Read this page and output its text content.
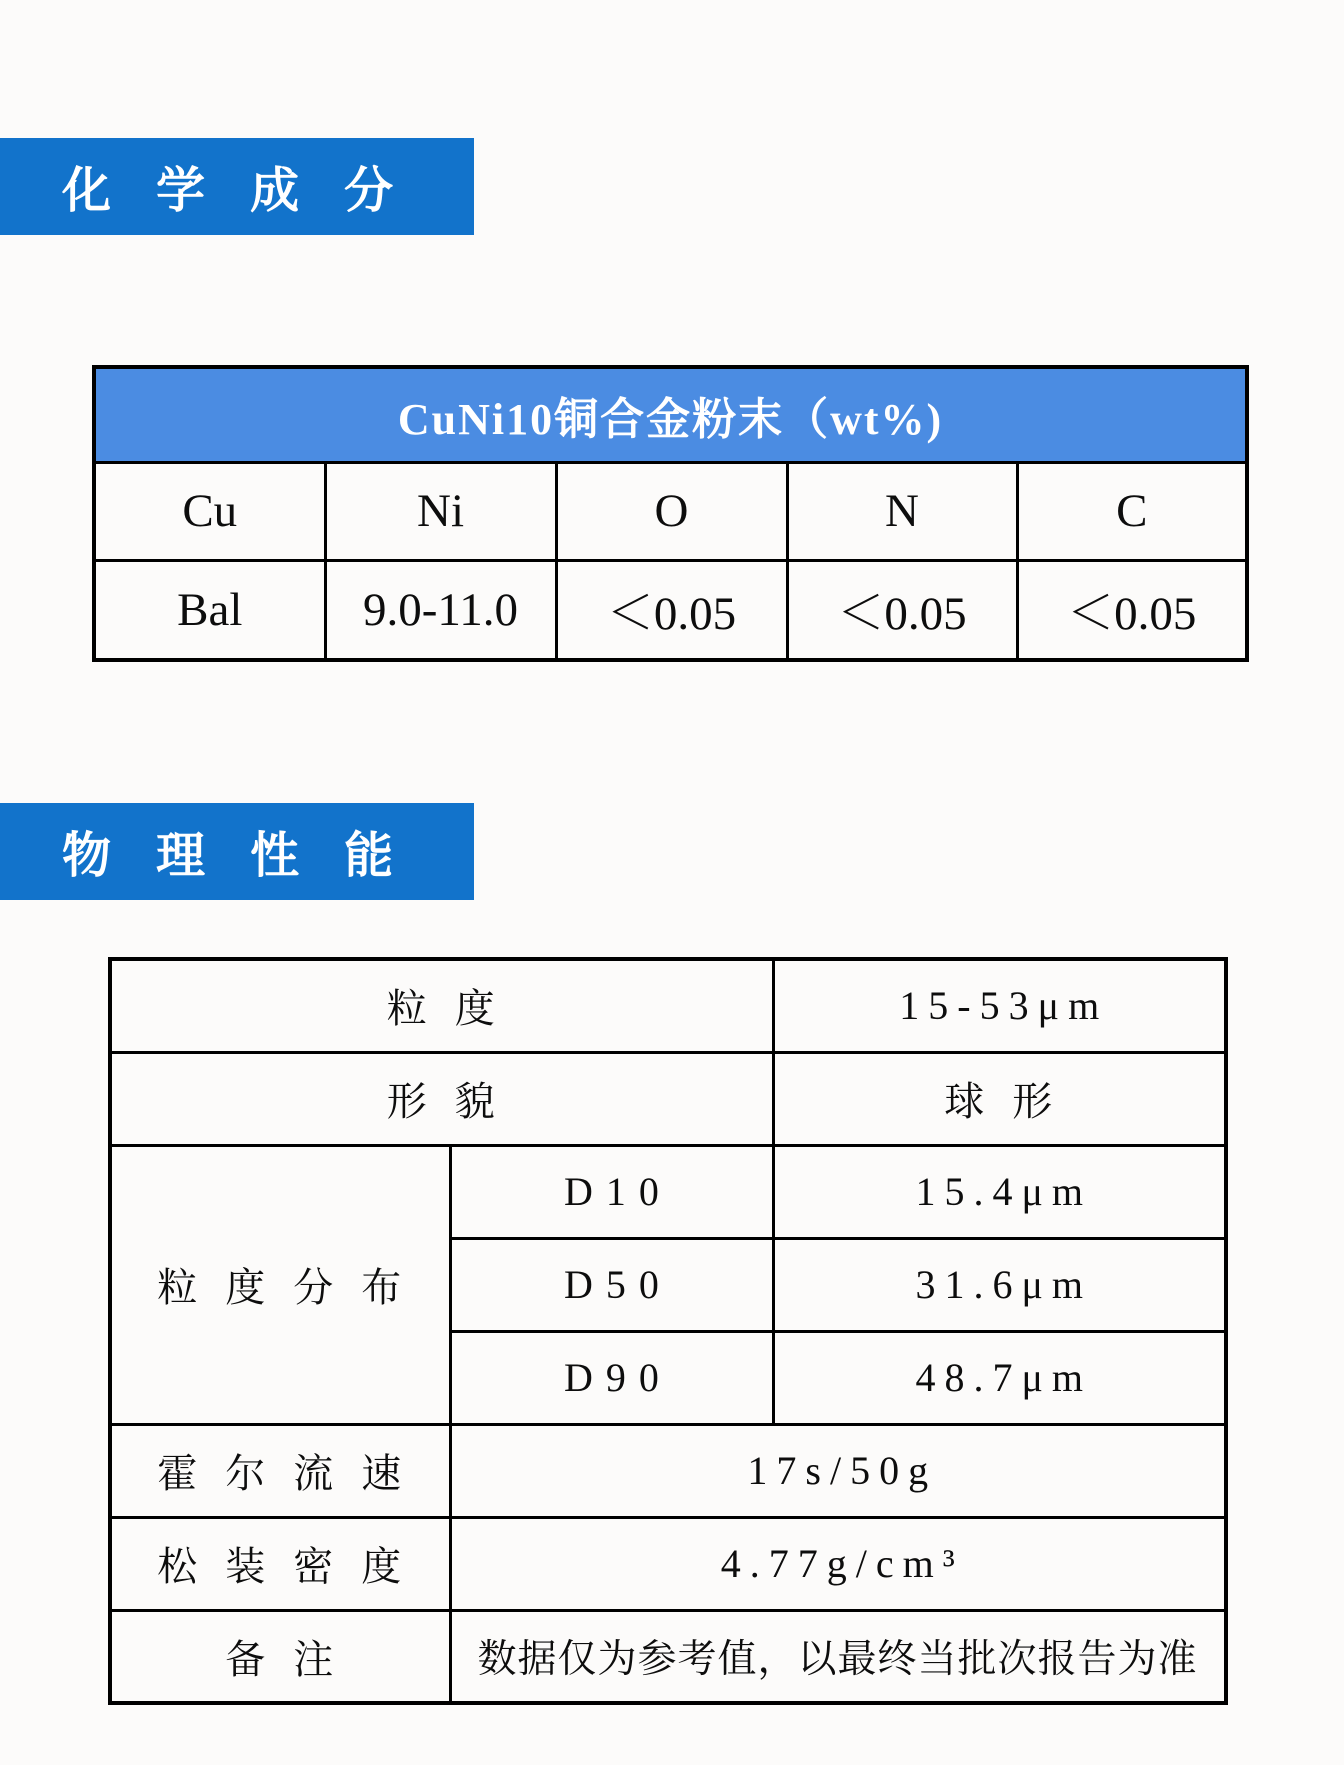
化 学 成 分
CuNi10铜合金粉末（wt%)				
Cu	Ni	O	N	C
Bal	9.0-11.0	＜0.05	＜0.05	＜0.05
物 理 性 能
粒 度		15-53μm
形 貌		球 形
粒 度 分 布	D10	15.4μm
	D50	31.6μm
	D90	48.7μm
霍 尔 流 速	17s/50g	
松 装 密 度	4.77g/cm³	
备 注	数据仅为参考值，以最终当批次报告为准	
